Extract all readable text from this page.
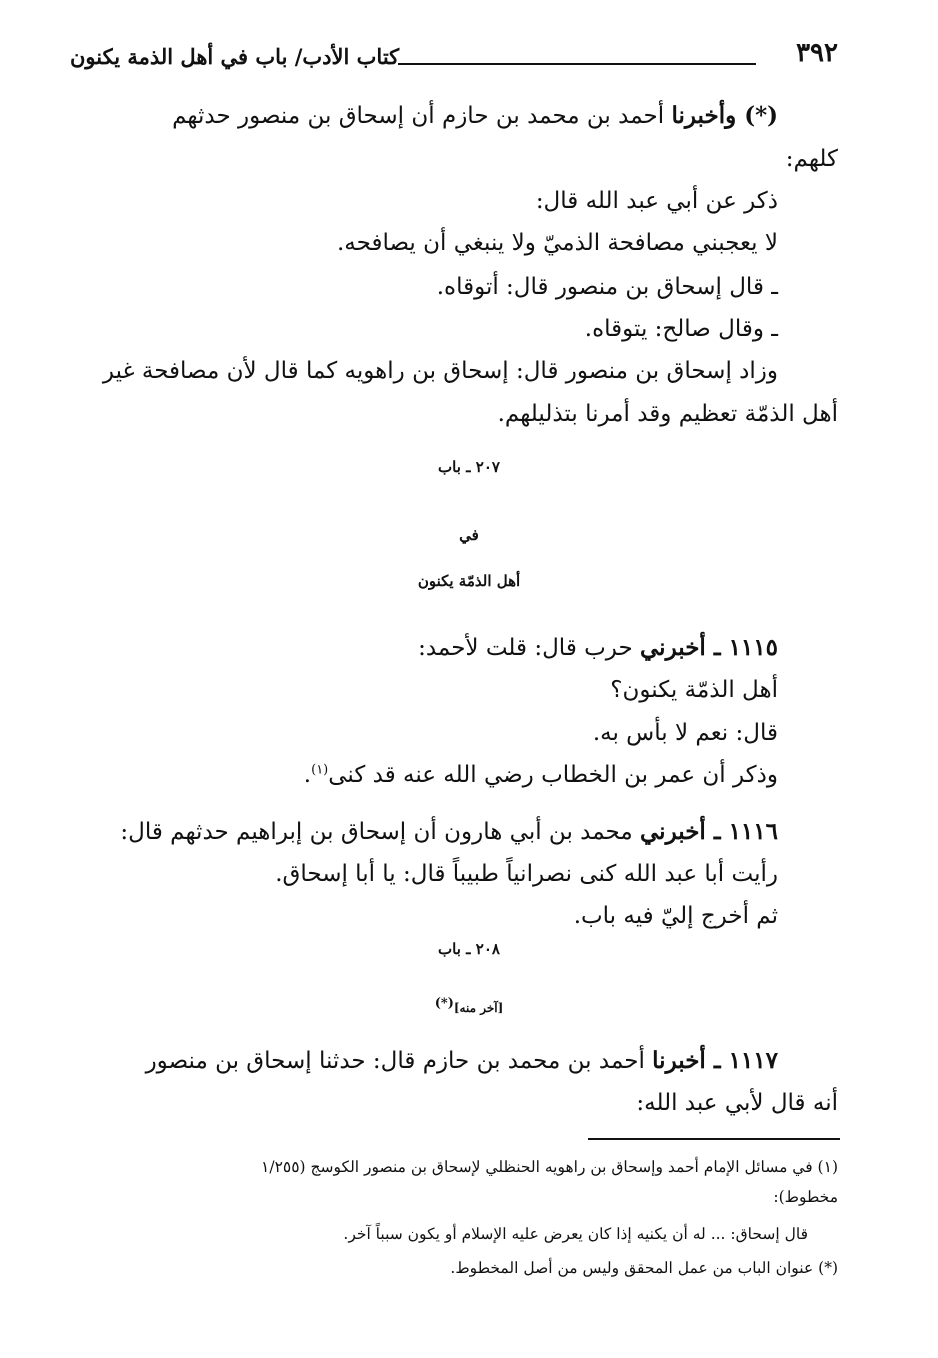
٣٩٢
كتاب الأدب/ باب في أهل الذمة يكنون
(*) وأخبرنا أحمد بن محمد بن حازم أن إسحاق بن منصور حدثهم
كلهم:
ذكر عن أبي عبد الله قال:
لا يعجبني مصافحة الذميّ ولا ينبغي أن يصافحه.
ـ قال إسحاق بن منصور قال: أتوقاه.
ـ وقال صالح: يتوقاه.
وزاد إسحاق بن منصور قال: إسحاق بن راهويه كما قال لأن مصافحة غير
أهل الذمّة تعظيم وقد أمرنا بتذليلهم.
٢٠٧ ـ باب
في
أهل الذمّة يكنون
١١١٥ ـ أخبرني حرب قال: قلت لأحمد:
أهل الذمّة يكنون؟
قال: نعم لا بأس به.
وذكر أن عمر بن الخطاب رضي الله عنه قد كنى$^{(١)}$.
١١١٦ ـ أخبرني محمد بن أبي هارون أن إسحاق بن إبراهيم حدثهم قال:
رأيت أبا عبد الله كنى نصرانياً طبيباً قال: يا أبا إسحاق.
ثم أخرج إليّ فيه باب.
٢٠٨ ـ باب
[آخر منه](*)
١١١٧ ـ أخبرنا أحمد بن محمد بن حازم قال: حدثنا إسحاق بن منصور
أنه قال لأبي عبد الله:
(١) في مسائل الإمام أحمد وإسحاق بن راهويه الحنظلي لإسحاق بن منصور الكوسج (١/٢٥٥
مخطوط):
قال إسحاق: ... له أن يكنيه إذا كان يعرض عليه الإسلام أو يكون سبباً آخر.
(*) عنوان الباب من عمل المحقق وليس من أصل المخطوط.
